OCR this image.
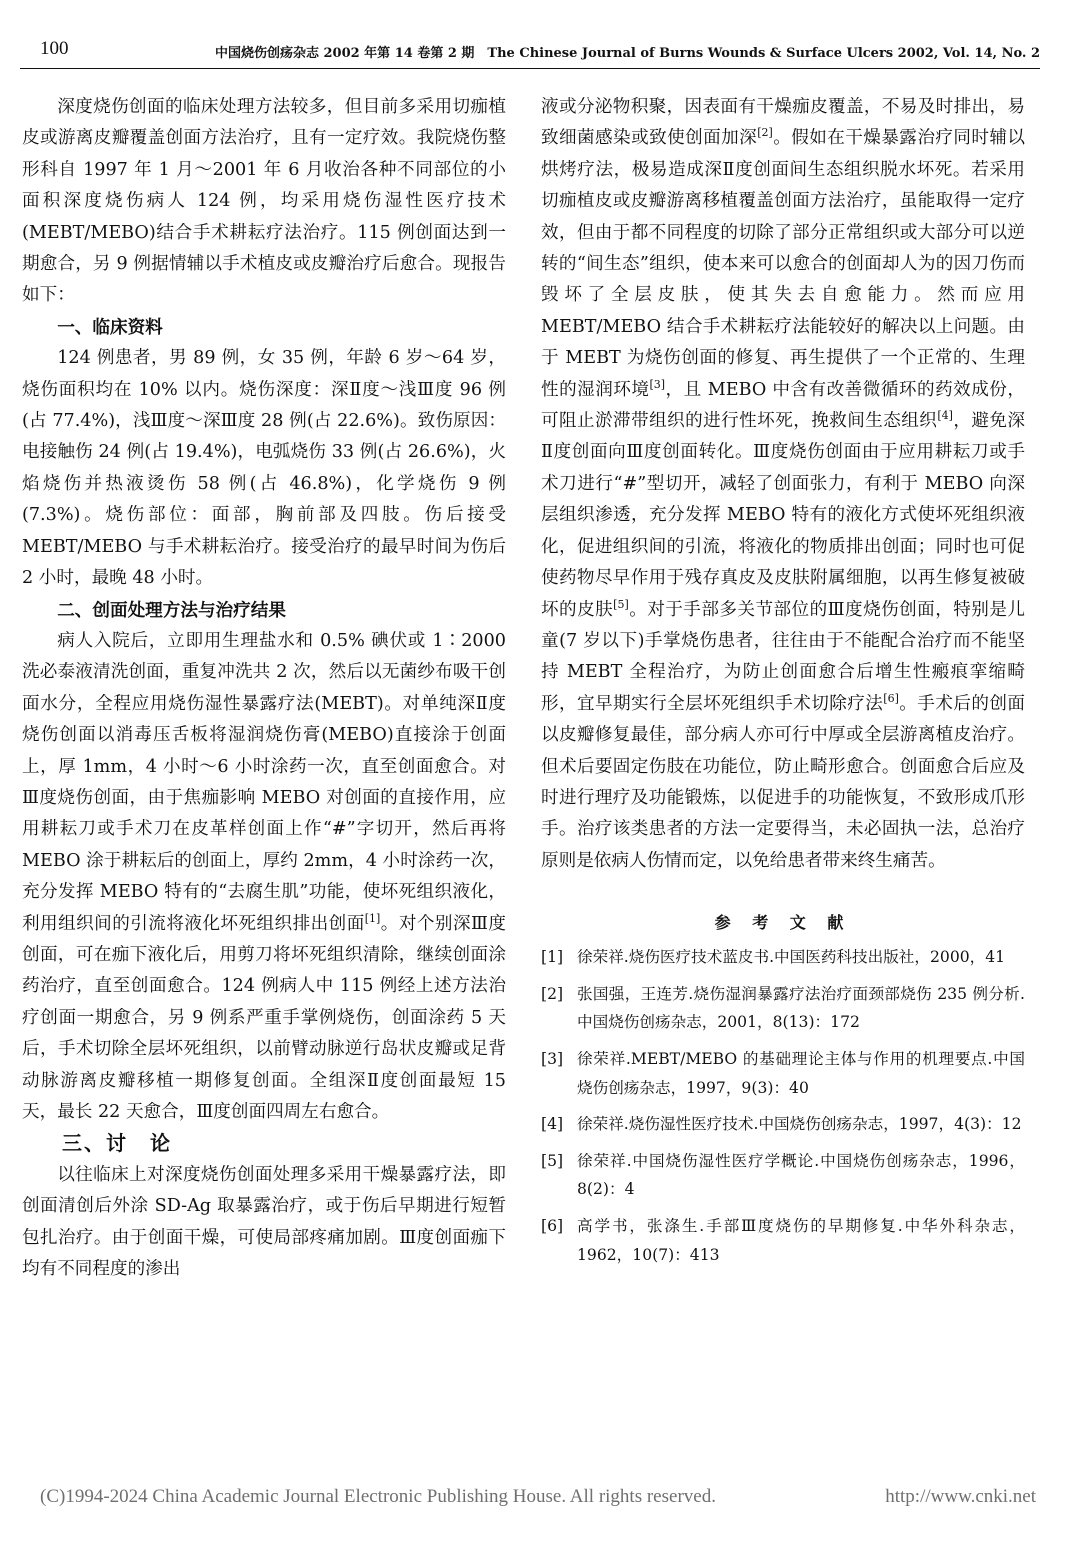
100	中国烧伤创疡杂志 2002 年第 14 卷第 2 期　The Chinese Journal of Burns Wounds & Surface Ulcers 2002, Vol. 14, No. 2

深度烧伤创面的临床处理方法较多，但目前多采用切痂植皮或游离皮瓣覆盖创面方法治疗，且有一定疗效。我院烧伤整形科自 1997 年 1 月～2001 年 6 月收治各种不同部位的小面积深度烧伤病人 124 例，均采用烧伤湿性医疗技术(MEBT/MEBO)结合手术耕耘疗法治疗。115 例创面达到一期愈合，另 9 例据情辅以手术植皮或皮瓣治疗后愈合。现报告如下：

一、临床资料

124 例患者，男 89 例，女 35 例，年龄 6 岁～64 岁，烧伤面积均在 10% 以内。烧伤深度：深Ⅱ度～浅Ⅲ度 96 例(占 77.4%)，浅Ⅲ度～深Ⅲ度 28 例(占 22.6%)。致伤原因：电接触伤 24 例(占 19.4%)，电弧烧伤 33 例(占 26.6%)，火焰烧伤并热液烫伤 58 例(占 46.8%)，化学烧伤 9 例(7.3%)。烧伤部位：面部，胸前部及四肢。伤后接受 MEBT/MEBO 与手术耕耘治疗。接受治疗的最早时间为伤后 2 小时，最晚 48 小时。

二、创面处理方法与治疗结果

病人入院后，立即用生理盐水和 0.5% 碘伏或 1∶2000 洗必泰液清洗创面，重复冲洗共 2 次，然后以无菌纱布吸干创面水分，全程应用烧伤湿性暴露疗法(MEBT)。对单纯深Ⅱ度烧伤创面以消毒压舌板将湿润烧伤膏(MEBO)直接涂于创面上，厚 1mm，4 小时～6 小时涂药一次，直至创面愈合。对Ⅲ度烧伤创面，由于焦痂影响 MEBO 对创面的直接作用，应用耕耘刀或手术刀在皮革样创面上作“#”字切开，然后再将 MEBO 涂于耕耘后的创面上，厚约 2mm，4 小时涂药一次，充分发挥 MEBO 特有的“去腐生肌”功能，使坏死组织液化，利用组织间的引流将液化坏死组织排出创面[1]。对个别深Ⅲ度创面，可在痂下液化后，用剪刀将坏死组织清除，继续创面涂药治疗，直至创面愈合。124 例病人中 115 例经上述方法治疗创面一期愈合，另 9 例系严重手掌例烧伤，创面涂药 5 天后，手术切除全层坏死组织，以前臂动脉逆行岛状皮瓣或足背动脉游离皮瓣移植一期修复创面。全组深Ⅱ度创面最短 15 天，最长 22 天愈合，Ⅲ度创面四周左右愈合。

三、讨　论

以往临床上对深度烧伤创面处理多采用干燥暴露疗法，即创面清创后外涂 SD-Ag 取暴露治疗，或于伤后早期进行短暂包扎治疗。由于创面干燥，可使局部疼痛加剧。Ⅲ度创面痂下均有不同程度的渗出

液或分泌物积聚，因表面有干燥痂皮覆盖，不易及时排出，易致细菌感染或致使创面加深[2]。假如在干燥暴露治疗同时辅以烘烤疗法，极易造成深Ⅱ度创面间生态组织脱水坏死。若采用切痂植皮或皮瓣游离移植覆盖创面方法治疗，虽能取得一定疗效，但由于都不同程度的切除了部分正常组织或大部分可以逆转的“间生态”组织，使本来可以愈合的创面却人为的因刀伤而毁坏了全层皮肤，使其失去自愈能力。然而应用 MEBT/MEBO 结合手术耕耘疗法能较好的解决以上问题。由于 MEBT 为烧伤创面的修复、再生提供了一个正常的、生理性的湿润环境[3]，且 MEBO 中含有改善微循环的药效成份，可阻止淤滞带组织的进行性坏死，挽救间生态组织[4]，避免深Ⅱ度创面向Ⅲ度创面转化。Ⅲ度烧伤创面由于应用耕耘刀或手术刀进行“#”型切开，减轻了创面张力，有利于 MEBO 向深层组织渗透，充分发挥 MEBO 特有的液化方式使坏死组织液化，促进组织间的引流，将液化的物质排出创面；同时也可促使药物尽早作用于残存真皮及皮肤附属细胞，以再生修复被破坏的皮肤[5]。对于手部多关节部位的Ⅲ度烧伤创面，特别是儿童(7 岁以下)手掌烧伤患者，往往由于不能配合治疗而不能坚持 MEBT 全程治疗，为防止创面愈合后增生性瘢痕挛缩畸形，宜早期实行全层坏死组织手术切除疗法[6]。手术后的创面以皮瓣修复最佳，部分病人亦可行中厚或全层游离植皮治疗。但术后要固定伤肢在功能位，防止畸形愈合。创面愈合后应及时进行理疗及功能锻炼，以促进手的功能恢复，不致形成爪形手。治疗该类患者的方法一定要得当，未必固执一法，总治疗原则是依病人伤情而定，以免给患者带来终生痛苦。

参 考 文 献
[1] 徐荣祥.烧伤医疗技术蓝皮书.中国医药科技出版社，2000，41
[2] 张国强，王连芳.烧伤湿润暴露疗法治疗面颈部烧伤 235 例分析.中国烧伤创疡杂志，2001，8(13)：172
[3] 徐荣祥.MEBT/MEBO 的基础理论主体与作用的机理要点.中国烧伤创疡杂志，1997，9(3)：40
[4] 徐荣祥.烧伤湿性医疗技术.中国烧伤创疡杂志，1997，4(3)：12
[5] 徐荣祥.中国烧伤湿性医疗学概论.中国烧伤创疡杂志，1996，8(2)：4
[6] 高学书，张涤生.手部Ⅲ度烧伤的早期修复.中华外科杂志，1962，10(7)：413
(C)1994-2024 China Academic Journal Electronic Publishing House. All rights reserved.	http://www.cnki.net
